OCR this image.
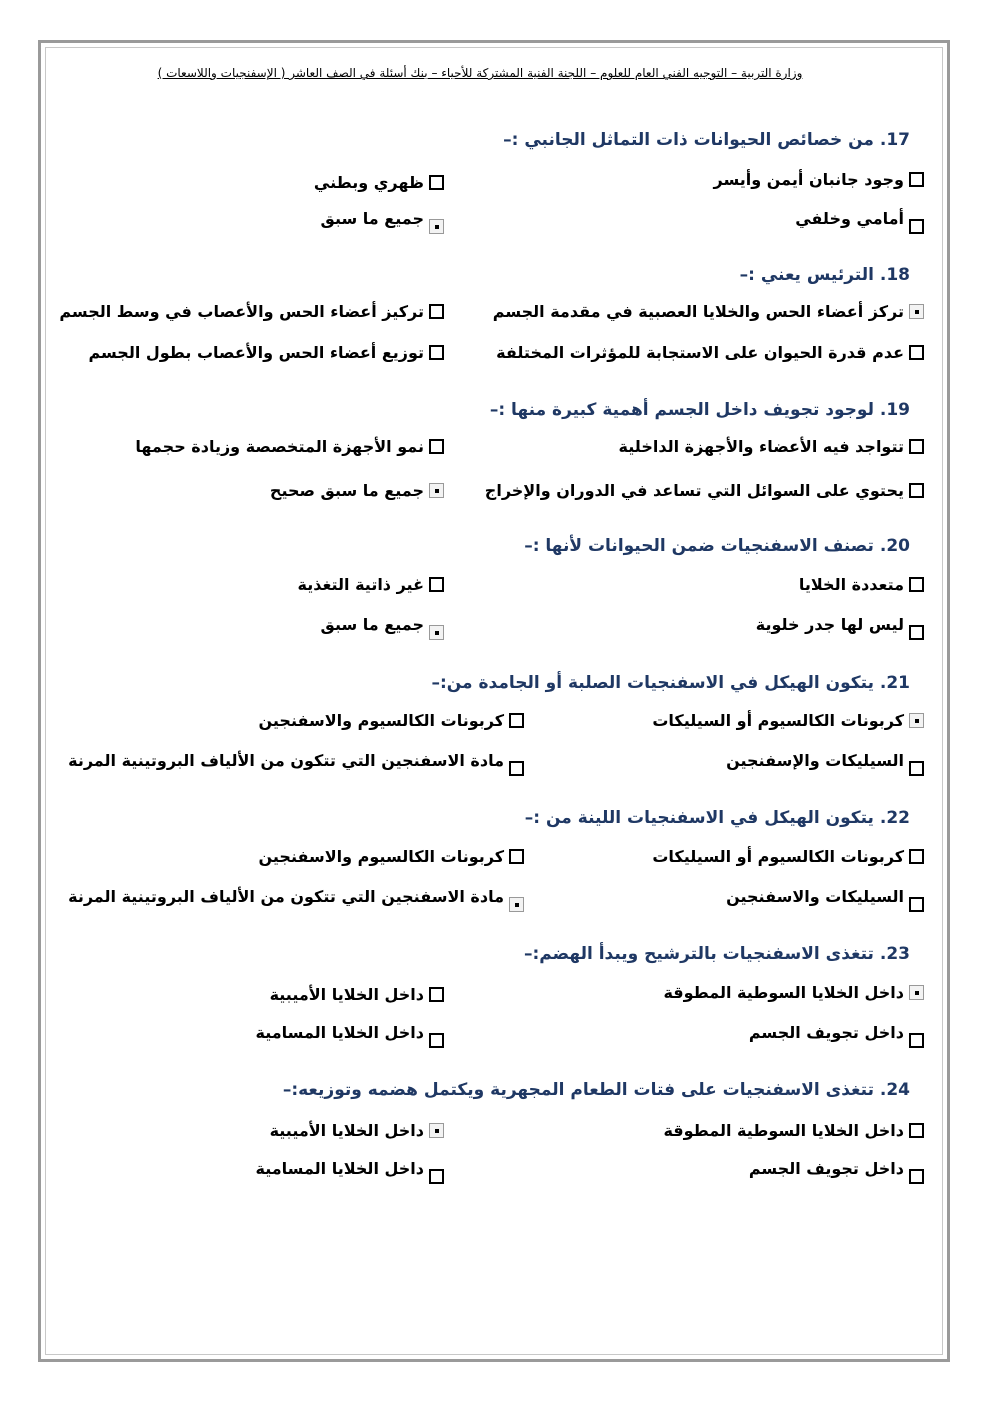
وزارة التربية – التوجيه الفني العام للعلوم – اللجنة الفنية المشتركة للأحياء – بنك أسئلة في الصف العاشر ( الإسفنجيات واللاسعات )
17. من خصائص الحيوانات ذات التماثل الجانبي :–
وجود جانبان أيمن وأيسر
ظهري وبطني
أمامي وخلفي
جميع ما سبق
18. الترئيس يعني :–
تركز أعضاء الحس والخلايا العصبية في مقدمة الجسم
تركيز أعضاء الحس والأعصاب في وسط الجسم
عدم قدرة الحيوان على الاستجابة للمؤثرات المختلفة
توزيع أعضاء الحس والأعصاب بطول الجسم
19. لوجود تجويف داخل الجسم أهمية كبيرة منها :–
تتواجد فيه الأعضاء والأجهزة الداخلية
نمو الأجهزة المتخصصة وزيادة حجمها
يحتوي على السوائل التي تساعد في الدوران والإخراج
جميع ما سبق صحيح
20. تصنف الاسفنجيات ضمن الحيوانات لأنها :–
متعددة الخلايا
غير ذاتية التغذية
ليس لها جدر خلوية
جميع ما سبق
21. يتكون الهيكل في الاسفنجيات الصلبة أو الجامدة من:–
كربونات الكالسيوم أو السيليكات
كربونات الكالسيوم والاسفنجين
السيليكات والإسفنجين
مادة الاسفنجين التي تتكون من الألياف البروتينية المرنة
22. يتكون الهيكل في الاسفنجيات اللينة من :–
كربونات الكالسيوم أو السيليكات
كربونات الكالسيوم والاسفنجين
السيليكات والاسفنجين
مادة الاسفنجين التي تتكون من الألياف البروتينية المرنة
23. تتغذى الاسفنجيات بالترشيح ويبدأ الهضم:–
داخل الخلايا السوطية المطوقة
داخل الخلايا الأميبية
داخل تجويف الجسم
داخل الخلايا المسامية
24. تتغذى الاسفنجيات على فتات الطعام المجهرية ويكتمل هضمه وتوزيعه:–
داخل الخلايا السوطية المطوقة
داخل الخلايا الأميبية
داخل تجويف الجسم
داخل الخلايا المسامية
